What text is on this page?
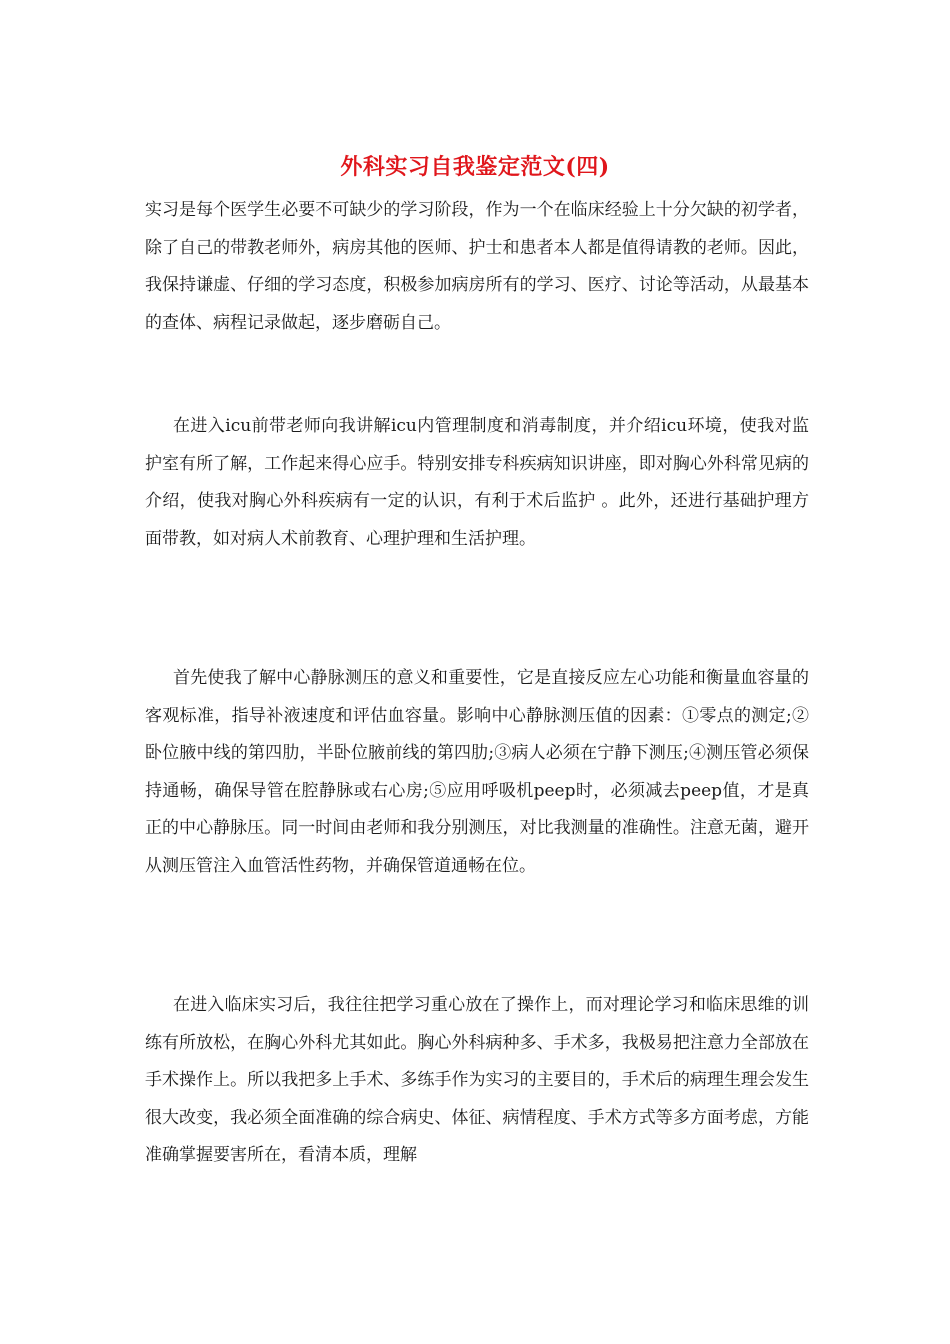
外科实习自我鉴定范文(四)

实习是每个医学生必要不可缺少的学习阶段，作为一个在临床经验上十分欠缺的初学者，除了自己的带教老师外，病房其他的医师、护士和患者本人都是值得请教的老师。因此，我保持谦虚、仔细的学习态度，积极参加病房所有的学习、医疗、讨论等活动，从最基本的查体、病程记录做起，逐步磨砺自己。

在进入icu前带老师向我讲解icu内管理制度和消毒制度，并介绍icu环境，使我对监护室有所了解，工作起来得心应手。特别安排专科疾病知识讲座，即对胸心外科常见病的介绍，使我对胸心外科疾病有一定的认识，有利于术后监护 。此外，还进行基础护理方面带教，如对病人术前教育、心理护理和生活护理。

首先使我了解中心静脉测压的意义和重要性，它是直接反应左心功能和衡量血容量的客观标准，指导补液速度和评估血容量。影响中心静脉测压值的因素：①零点的测定;②卧位腋中线的第四肋，半卧位腋前线的第四肋;③病人必须在宁静下测压;④测压管必须保持通畅，确保导管在腔静脉或右心房;⑤应用呼吸机peep时，必须减去peep值，才是真正的中心静脉压。同一时间由老师和我分别测压，对比我测量的准确性。注意无菌，避开从测压管注入血管活性药物，并确保管道通畅在位。

在进入临床实习后，我往往把学习重心放在了操作上，而对理论学习和临床思维的训练有所放松，在胸心外科尤其如此。胸心外科病种多、手术多，我极易把注意力全部放在手术操作上。所以我把多上手术、多练手作为实习的主要目的，手术后的病理生理会发生很大改变，我必须全面准确的综合病史、体征、病情程度、手术方式等多方面考虑，方能准确掌握要害所在，看清本质，理解
